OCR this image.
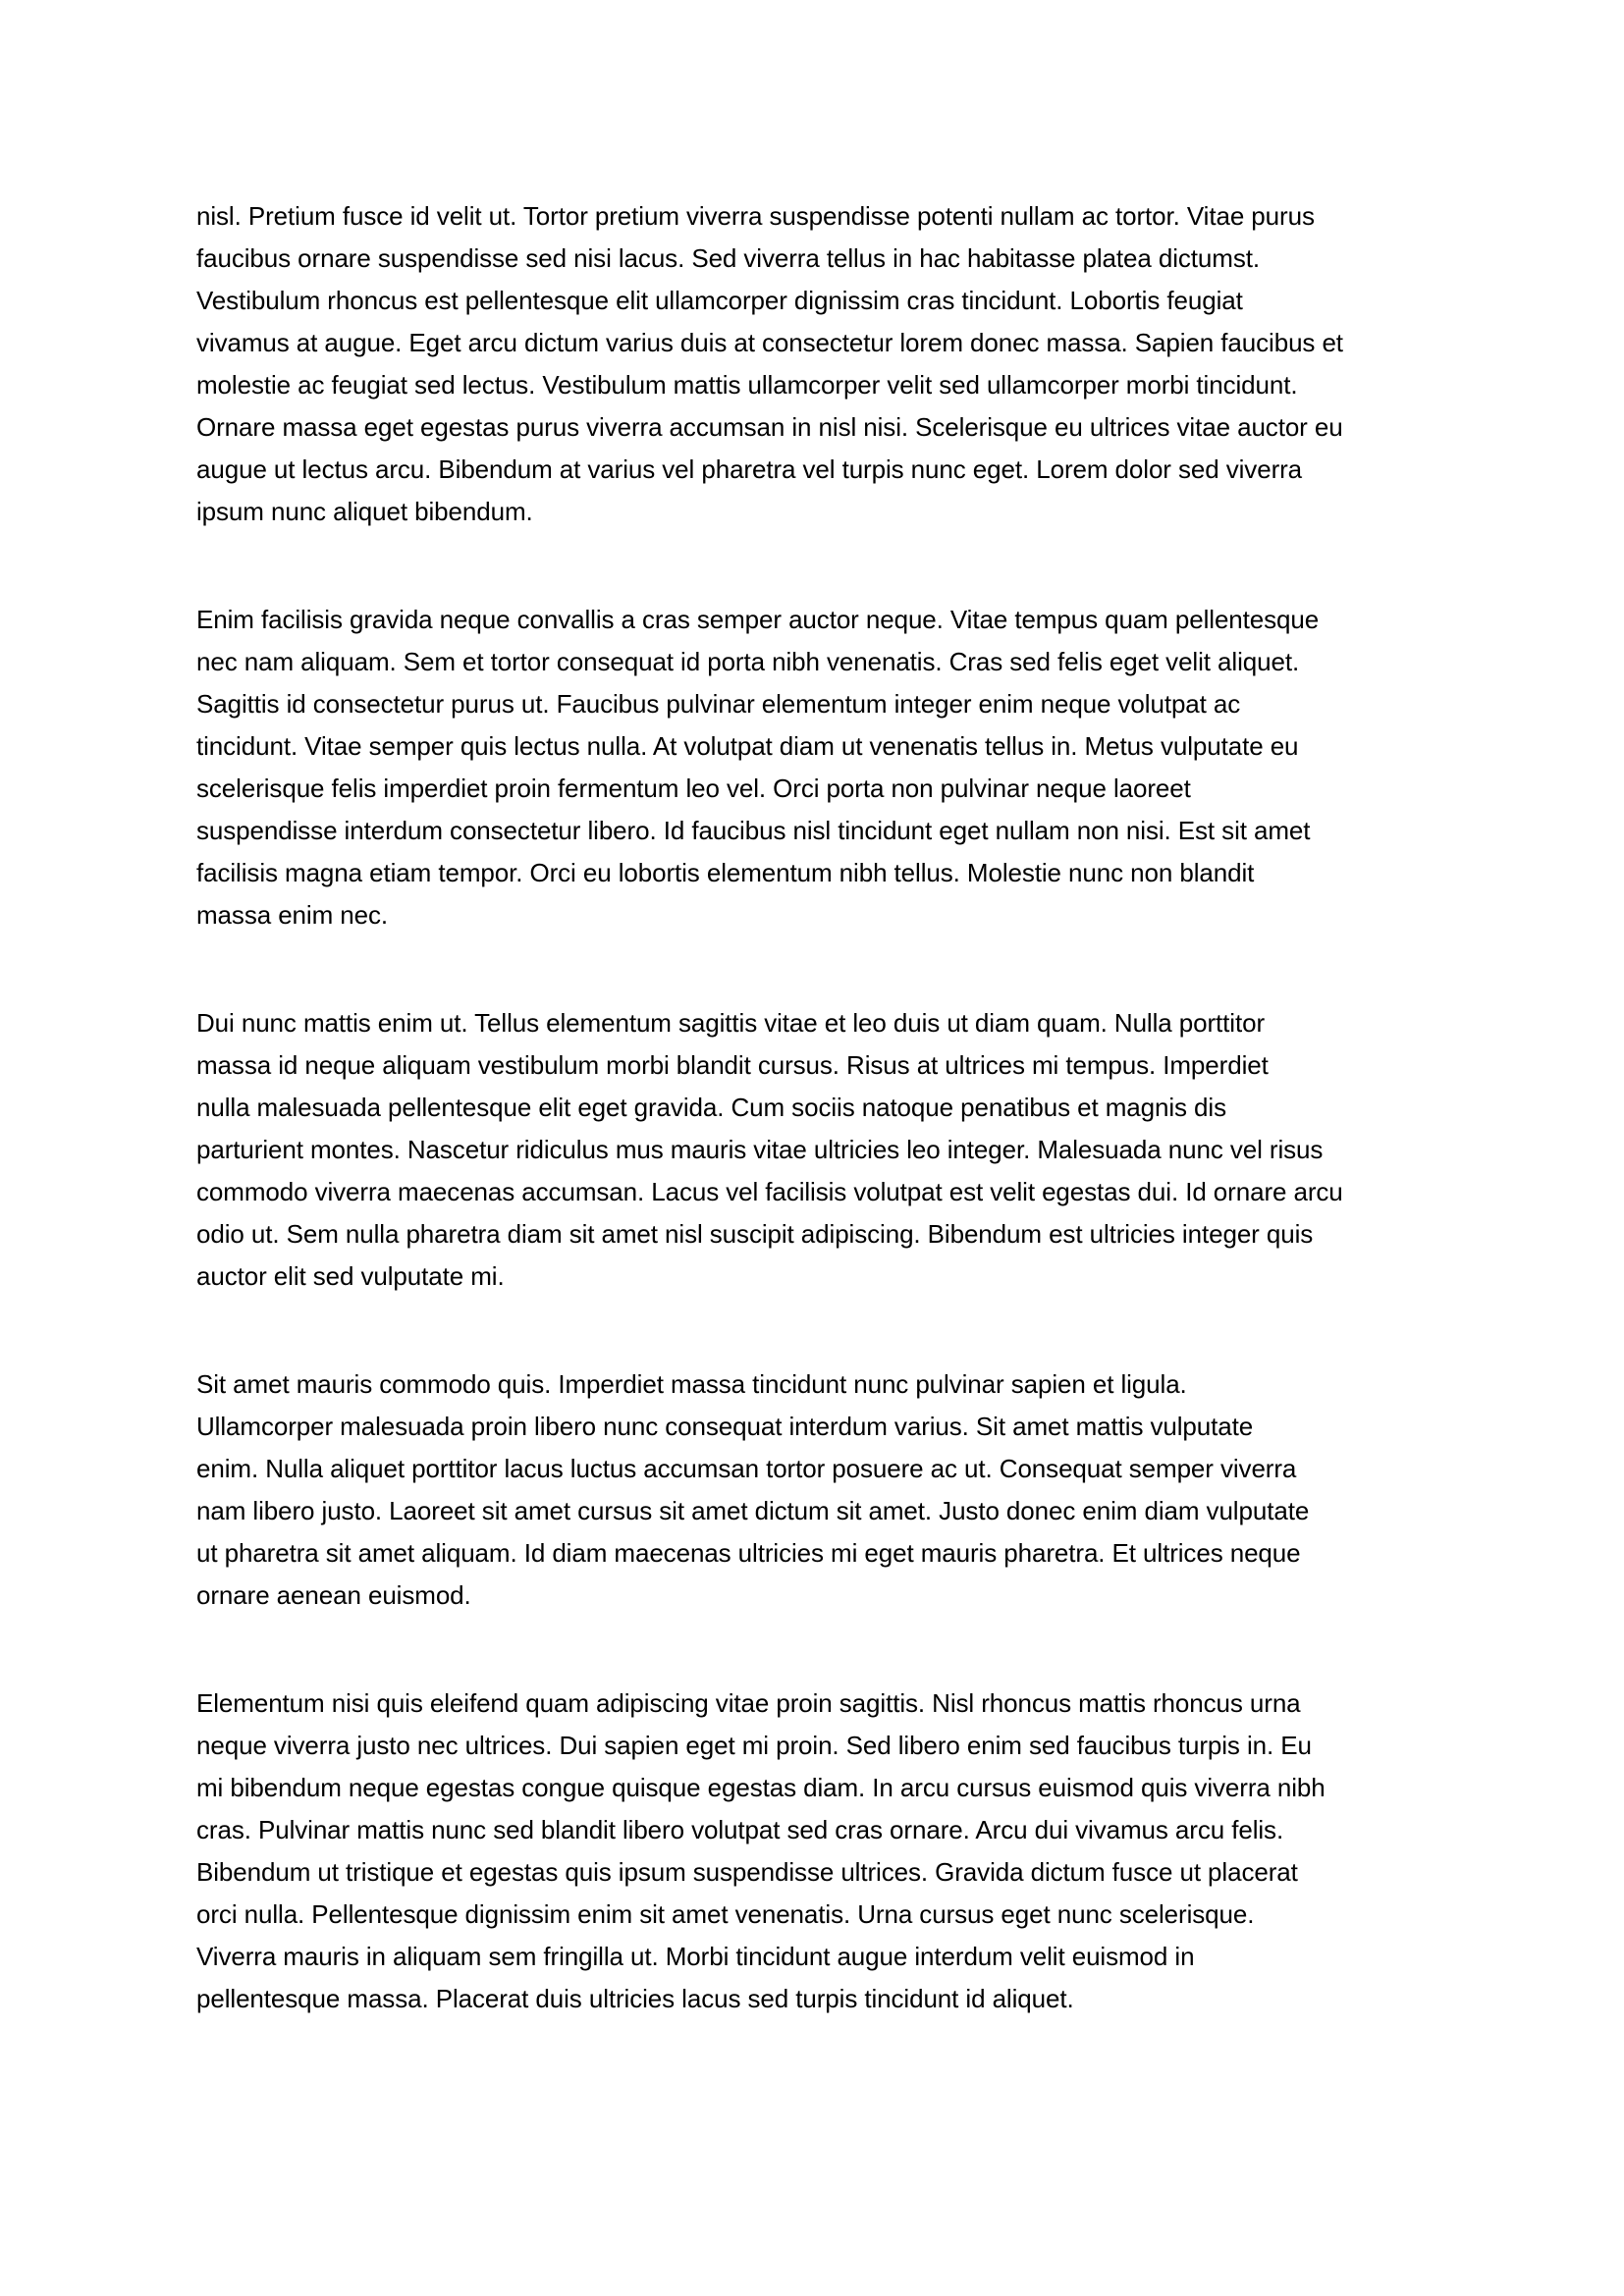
nisl. Pretium fusce id velit ut. Tortor pretium viverra suspendisse potenti nullam ac tortor. Vitae purus
faucibus ornare suspendisse sed nisi lacus. Sed viverra tellus in hac habitasse platea dictumst.
Vestibulum rhoncus est pellentesque elit ullamcorper dignissim cras tincidunt. Lobortis feugiat
vivamus at augue. Eget arcu dictum varius duis at consectetur lorem donec massa. Sapien faucibus et
molestie ac feugiat sed lectus. Vestibulum mattis ullamcorper velit sed ullamcorper morbi tincidunt.
Ornare massa eget egestas purus viverra accumsan in nisl nisi. Scelerisque eu ultrices vitae auctor eu
augue ut lectus arcu. Bibendum at varius vel pharetra vel turpis nunc eget. Lorem dolor sed viverra
ipsum nunc aliquet bibendum.

Enim facilisis gravida neque convallis a cras semper auctor neque. Vitae tempus quam pellentesque
nec nam aliquam. Sem et tortor consequat id porta nibh venenatis. Cras sed felis eget velit aliquet.
Sagittis id consectetur purus ut. Faucibus pulvinar elementum integer enim neque volutpat ac
tincidunt. Vitae semper quis lectus nulla. At volutpat diam ut venenatis tellus in. Metus vulputate eu
scelerisque felis imperdiet proin fermentum leo vel. Orci porta non pulvinar neque laoreet
suspendisse interdum consectetur libero. Id faucibus nisl tincidunt eget nullam non nisi. Est sit amet
facilisis magna etiam tempor. Orci eu lobortis elementum nibh tellus. Molestie nunc non blandit
massa enim nec.

Dui nunc mattis enim ut. Tellus elementum sagittis vitae et leo duis ut diam quam. Nulla porttitor
massa id neque aliquam vestibulum morbi blandit cursus. Risus at ultrices mi tempus. Imperdiet
nulla malesuada pellentesque elit eget gravida. Cum sociis natoque penatibus et magnis dis
parturient montes. Nascetur ridiculus mus mauris vitae ultricies leo integer. Malesuada nunc vel risus
commodo viverra maecenas accumsan. Lacus vel facilisis volutpat est velit egestas dui. Id ornare arcu
odio ut. Sem nulla pharetra diam sit amet nisl suscipit adipiscing. Bibendum est ultricies integer quis
auctor elit sed vulputate mi.

Sit amet mauris commodo quis. Imperdiet massa tincidunt nunc pulvinar sapien et ligula.
Ullamcorper malesuada proin libero nunc consequat interdum varius. Sit amet mattis vulputate
enim. Nulla aliquet porttitor lacus luctus accumsan tortor posuere ac ut. Consequat semper viverra
nam libero justo. Laoreet sit amet cursus sit amet dictum sit amet. Justo donec enim diam vulputate
ut pharetra sit amet aliquam. Id diam maecenas ultricies mi eget mauris pharetra. Et ultrices neque
ornare aenean euismod.

Elementum nisi quis eleifend quam adipiscing vitae proin sagittis. Nisl rhoncus mattis rhoncus urna
neque viverra justo nec ultrices. Dui sapien eget mi proin. Sed libero enim sed faucibus turpis in. Eu
mi bibendum neque egestas congue quisque egestas diam. In arcu cursus euismod quis viverra nibh
cras. Pulvinar mattis nunc sed blandit libero volutpat sed cras ornare. Arcu dui vivamus arcu felis.
Bibendum ut tristique et egestas quis ipsum suspendisse ultrices. Gravida dictum fusce ut placerat
orci nulla. Pellentesque dignissim enim sit amet venenatis. Urna cursus eget nunc scelerisque.
Viverra mauris in aliquam sem fringilla ut. Morbi tincidunt augue interdum velit euismod in
pellentesque massa. Placerat duis ultricies lacus sed turpis tincidunt id aliquet.
